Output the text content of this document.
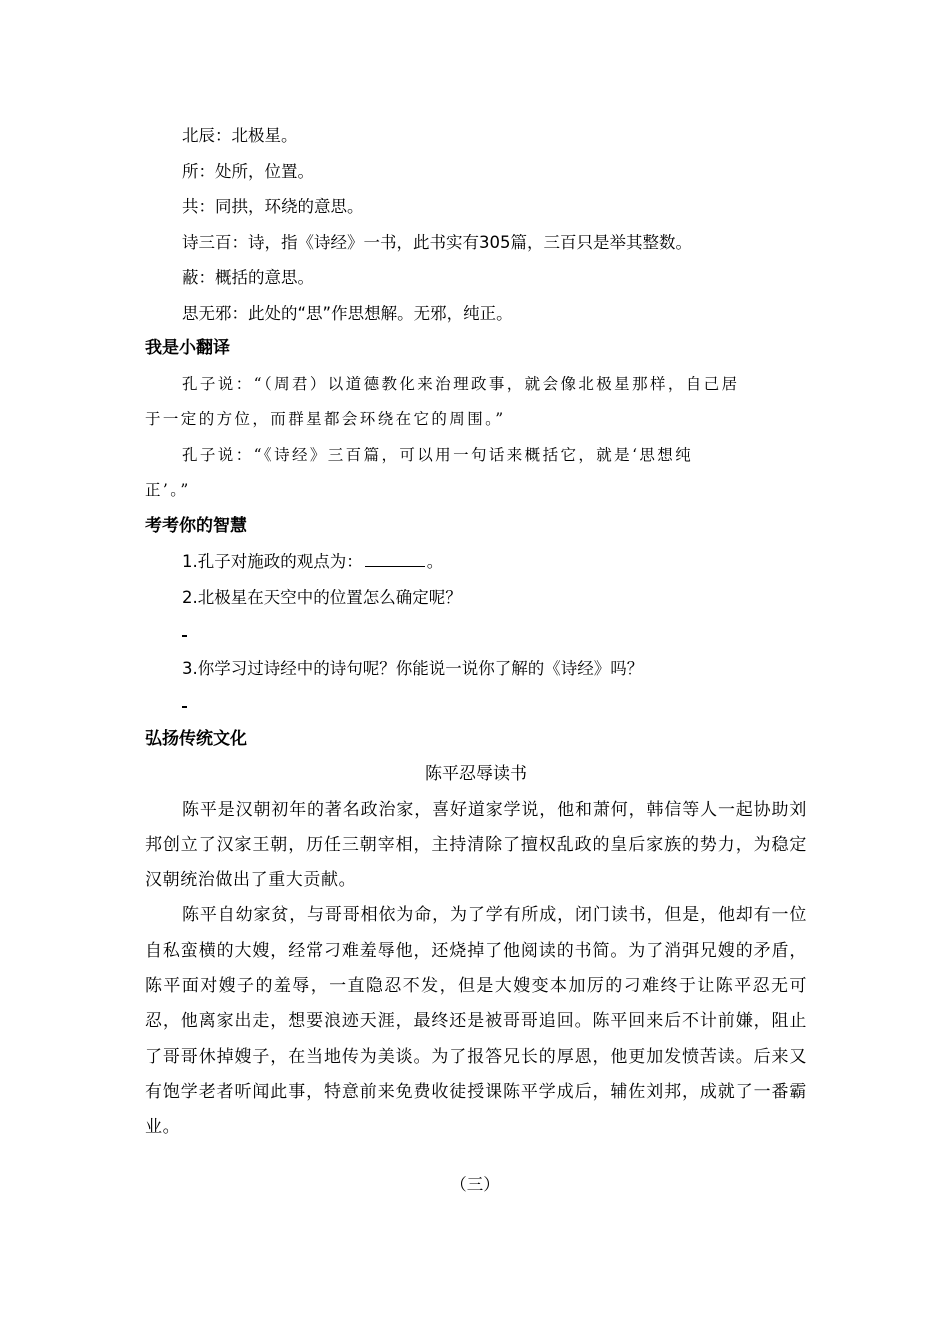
北辰：北极星。
所：处所，位置。
共：同拱，环绕的意思。
诗三百：诗，指《诗经》一书，此书实有305篇，三百只是举其整数。
蔽：概括的意思。
思无邪：此处的“思”作思想解。无邪，纯正。
我是小翻译
孔子说：“（周君）以道德教化来治理政事，就会像北极星那样，自己居
于一定的方位，而群星都会环绕在它的周围。”
孔子说：“《诗经》三百篇，可以用一句话来概括它，就是‘思想纯
正’。”
考考你的智慧
1.孔子对施政的观点为：	。
2.北极星在天空中的位置怎么确定呢？
3.你学习过诗经中的诗句呢？你能说一说你了解的《诗经》吗？
弘扬传统文化
陈平忍辱读书

陈平是汉朝初年的著名政治家，喜好道家学说，他和萧何，韩信等人一起协助刘邦创立了汉家王朝，历任三朝宰相，主持清除了擅权乱政的皇后家族的势力，为稳定汉朝统治做出了重大贡献。

陈平自幼家贫，与哥哥相依为命，为了学有所成，闭门读书，但是，他却有一位自私蛮横的大嫂，经常刁难羞辱他，还烧掉了他阅读的书简。为了消弭兄嫂的矛盾，陈平面对嫂子的羞辱，一直隐忍不发，但是大嫂变本加厉的刁难终于让陈平忍无可忍，他离家出走，想要浪迹天涯，最终还是被哥哥追回。陈平回来后不计前嫌，阻止了哥哥休掉嫂子，在当地传为美谈。为了报答兄长的厚恩，他更加发愤苦读。后来又有饱学老者听闻此事，特意前来免费收徒授课陈平学成后，辅佐刘邦，成就了一番霸业。

（三）
